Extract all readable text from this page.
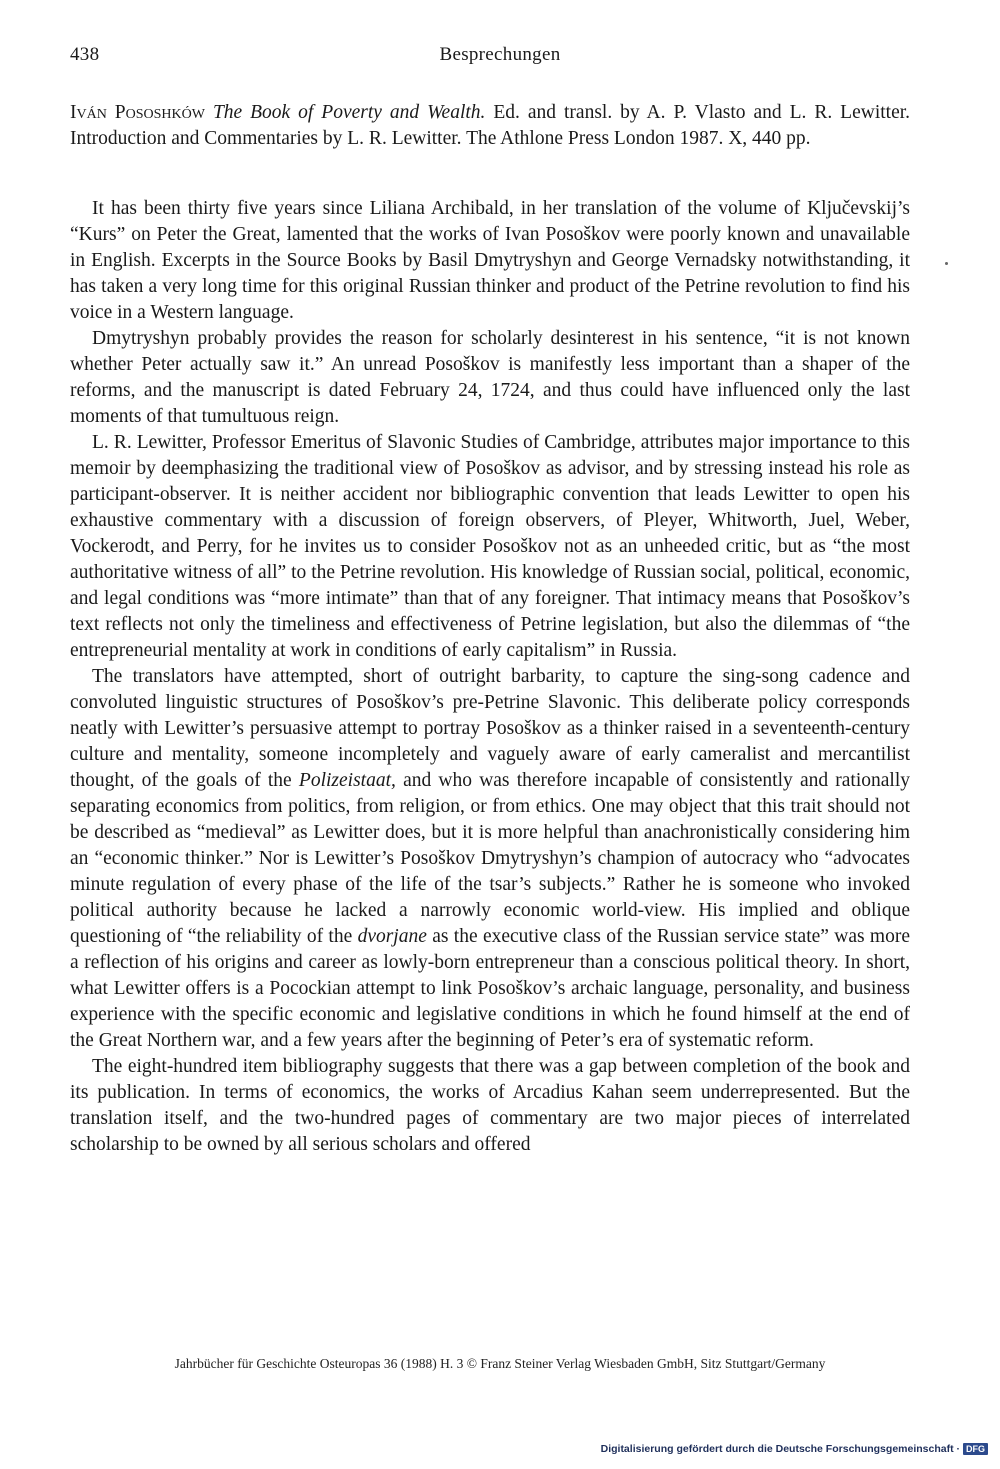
438	Besprechungen
Iván Pososhków The Book of Poverty and Wealth. Ed. and transl. by A. P. Vlasto and L. R. Lewitter. Introduction and Commentaries by L. R. Lewitter. The Athlone Press London 1987. X, 440 pp.

It has been thirty five years since Liliana Archibald, in her translation of the volume of Ključevskij’s “Kurs” on Peter the Great, lamented that the works of Ivan Posoškov were poorly known and unavailable in English. Excerpts in the Source Books by Basil Dmytryshyn and George Vernadsky notwithstanding, it has taken a very long time for this original Russian thinker and product of the Petrine revolution to find his voice in a Western language.

Dmytryshyn probably provides the reason for scholarly desinterest in his sentence, “it is not known whether Peter actually saw it.” An unread Posoškov is manifestly less important than a shaper of the reforms, and the manuscript is dated February 24, 1724, and thus could have influenced only the last moments of that tumultuous reign.

L. R. Lewitter, Professor Emeritus of Slavonic Studies of Cambridge, attributes major importance to this memoir by deemphasizing the traditional view of Posoškov as advisor, and by stressing instead his role as participant-observer. It is neither accident nor bibliographic convention that leads Lewitter to open his exhaustive commentary with a discussion of foreign observers, of Pleyer, Whitworth, Juel, Weber, Vockerodt, and Perry, for he invites us to consider Posoškov not as an unheeded critic, but as “the most authoritative witness of all” to the Petrine revolution. His knowledge of Russian social, political, economic, and legal conditions was “more intimate” than that of any foreigner. That intimacy means that Posoškov’s text reflects not only the timeliness and effectiveness of Petrine legislation, but also the dilemmas of “the entrepreneurial mentality at work in conditions of early capitalism” in Russia.

The translators have attempted, short of outright barbarity, to capture the sing-song cadence and convoluted linguistic structures of Posoškov’s pre-Petrine Slavonic. This deliberate policy corresponds neatly with Lewitter’s persuasive attempt to portray Posoškov as a thinker raised in a seventeenth-century culture and mentality, someone incompletely and vaguely aware of early cameralist and mercantilist thought, of the goals of the Polizeistaat, and who was therefore incapable of consistently and rationally separating economics from politics, from religion, or from ethics. One may object that this trait should not be described as “medieval” as Lewitter does, but it is more helpful than anachronistically considering him an “economic thinker.” Nor is Lewitter’s Posoškov Dmytryshyn’s champion of autocracy who “advocates minute regulation of every phase of the life of the tsar’s subjects.” Rather he is someone who invoked political authority because he lacked a narrowly economic world-view. His implied and oblique questioning of “the reliability of the dvorjane as the executive class of the Russian service state” was more a reflection of his origins and career as lowly-born entrepreneur than a conscious political theory. In short, what Lewitter offers is a Pocockian attempt to link Posoškov’s archaic language, personality, and business experience with the specific economic and legislative conditions in which he found himself at the end of the Great Northern war, and a few years after the beginning of Peter’s era of systematic reform.

The eight-hundred item bibliography suggests that there was a gap between completion of the book and its publication. In terms of economics, the works of Arcadius Kahan seem underrepresented. But the translation itself, and the two-hundred pages of commentary are two major pieces of interrelated scholarship to be owned by all serious scholars and offered

Jahrbücher für Geschichte Osteuropas 36 (1988) H. 3 © Franz Steiner Verlag Wiesbaden GmbH, Sitz Stuttgart/Germany
Digitalisierung gefördert durch die Deutsche Forschungsgemeinschaft · DFG
